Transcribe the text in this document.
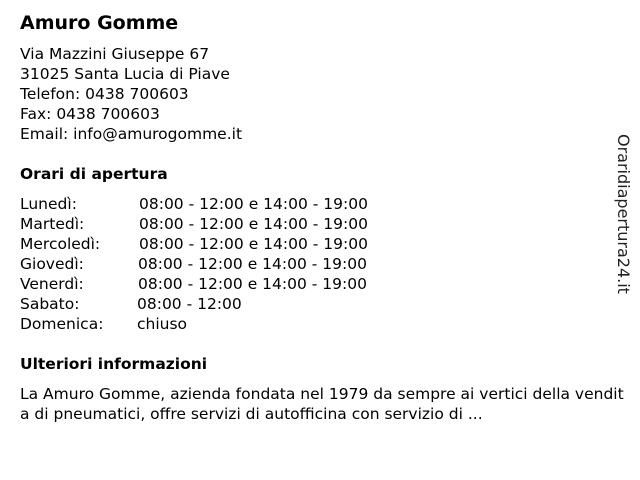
Amuro Gomme
Via Mazzini Giuseppe 67
31025 Santa Lucia di Piave
Telefon: 0438 700603
Fax: 0438 700603
Email: info@amurogomme.it
Orari di apertura
Lunedì:	08:00 - 12:00 e 14:00 - 19:00
Martedì:	08:00 - 12:00 e 14:00 - 19:00
Mercoledì:	08:00 - 12:00 e 14:00 - 19:00
Giovedì:	08:00 - 12:00 e 14:00 - 19:00
Venerdì:	08:00 - 12:00 e 14:00 - 19:00
Sabato:	08:00 - 12:00
Domenica: chiuso
Ulteriori informazioni
La Amuro Gomme, azienda fondata nel 1979 da sempre ai vertici della vendita di pneumatici, offre servizi di autofficina con servizio di ...
Oraridiapertura24.it
